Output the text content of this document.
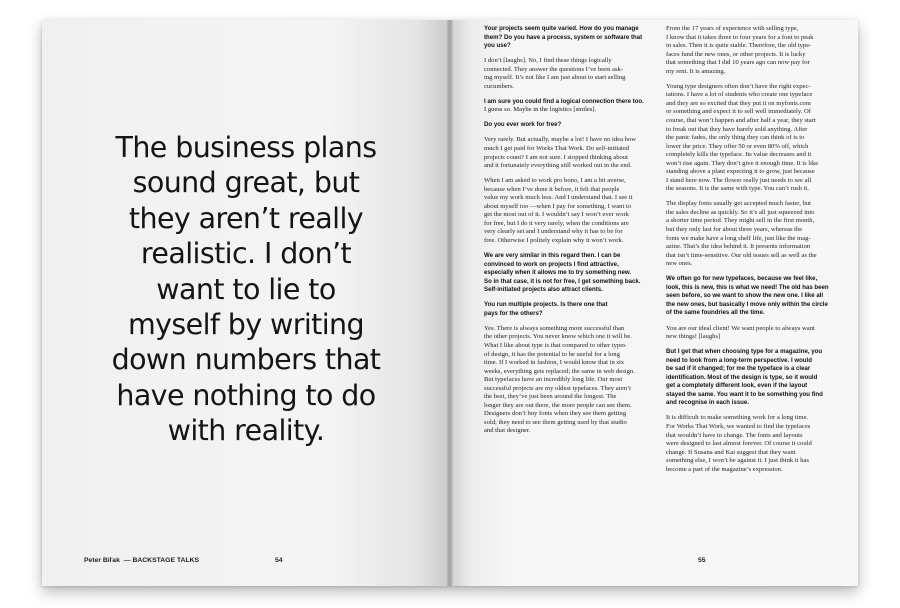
The business plans
sound great, but
they aren’t really
realistic. I don’t
want to lie to
myself by writing
down numbers that
have nothing to do
with reality.
Peter Biľak — BACKSTAGE TALKS	54	55
Your projects seem quite varied. How do you manage
them? Do you have a process, system or software that
you use?
I don’t [laughs]. No, I find these things logically
connected. They answer the questions I’ve been ask-
ing myself. It’s not like I am just about to start selling
cucumbers.
I am sure you could find a logical connection there too.
I guess so. Maybe in the logistics [smiles].
Do you ever work for free?
Very rarely. But actually, maybe a lot! I have no idea how
much I get paid for Works That Work. Do self-initiated
projects count? I am not sure. I stopped thinking about
and it fortunately everything still worked out in the end.
When I am asked to work pro bono, I am a bit averse,
because when I’ve done it before, it felt that people
value my work much less. And I understand that. I see it
about myself too —when I pay for something, I want to
get the most out of it. I wouldn’t say I won’t ever work
for free, but I do it very rarely, when the conditions are
very clearly set and I understand why it has to be for
free. Otherwise I politely explain why it won’t work.
We are very similar in this regard then. I can be
convinced to work on projects I find attractive,
especially when it allows me to try something new.
So in that case, it is not for free, I get something back.
Self-initiated projects also attract clients.
You run multiple projects. Is there one that
pays for the others?
Yes. There is always something more successful than
the other projects. You never know which one it will be.
What I like about type is that compared to other types
of design, it has the potential to be useful for a long
time. If I worked in fashion, I would know that in six
weeks, everything gets replaced; the same in web design.
But typefaces have an incredibly long life. Our most
successful projects are my oldest typefaces. They aren’t
the best, they’ve just been around the longest. The
longer they are out there, the more people can see them.
Designers don’t buy fonts when they see them getting
sold; they need to see them getting used by that studio
and that designer.
From the 17 years of experience with selling type,
I know that it takes three to four years for a font to peak
in sales. Then it is quite stable. Therefore, the old type-
faces fund the new ones, or other projects. It is lucky
that something that I did 10 years ago can now pay for
my rent. It is amazing.
Young type designers often don’t have the right expec-
tations. I have a lot of students who create one typeface
and they are so excited that they put it on myfonts.com
or something and expect it to sell well immediately. Of
course, that won’t happen and after half a year, they start
to freak out that they have barely sold anything. After
the panic fades, the only thing they can think of is to
lower the price. They offer 50 or even 80% off, which
completely kills the typeface. Its value decreases and it
won’t rise again. They don’t give it enough time. It is like
standing above a plant expecting it to grow, just because
I stand here now. The flower really just needs to see all
the seasons. It is the same with type. You can’t rush it.
The display fonts usually get accepted much faster, but
the sales decline as quickly. So it’s all just squeezed into
a shorter time period. They might sell in the first month,
but they only last for about three years, whereas the
fonts we make have a long shelf life, just like the mag-
azine. That’s the idea behind it. It presents information
that isn’t time-sensitive. Our old issues sell as well as the
new ones.
We often go for new typefaces, because we feel like,
look, this is new, this is what we need! The old has been
seen before, so we want to show the new one. I like all
the new ones, but basically I move only within the circle
of the same foundries all the time.
You are our ideal client! We want people to always want
new things! [laughs]
But I get that when choosing type for a magazine, you
need to look from a long-term perspective. I would
be sad if it changed; for me the typeface is a clear
identification. Most of the design is type, so it would
get a completely different look, even if the layout
stayed the same. You want it to be something you find
and recognise in each issue.
It is difficult to make something work for a long time.
For Works That Work, we wanted to find the typefaces
that wouldn’t have to change. The fonts and layouts
were designed to last almost forever. Of course it could
change. If Susana and Kai suggest that they want
something else, I won’t be against it. I just think it has
become a part of the magazine’s expression.
